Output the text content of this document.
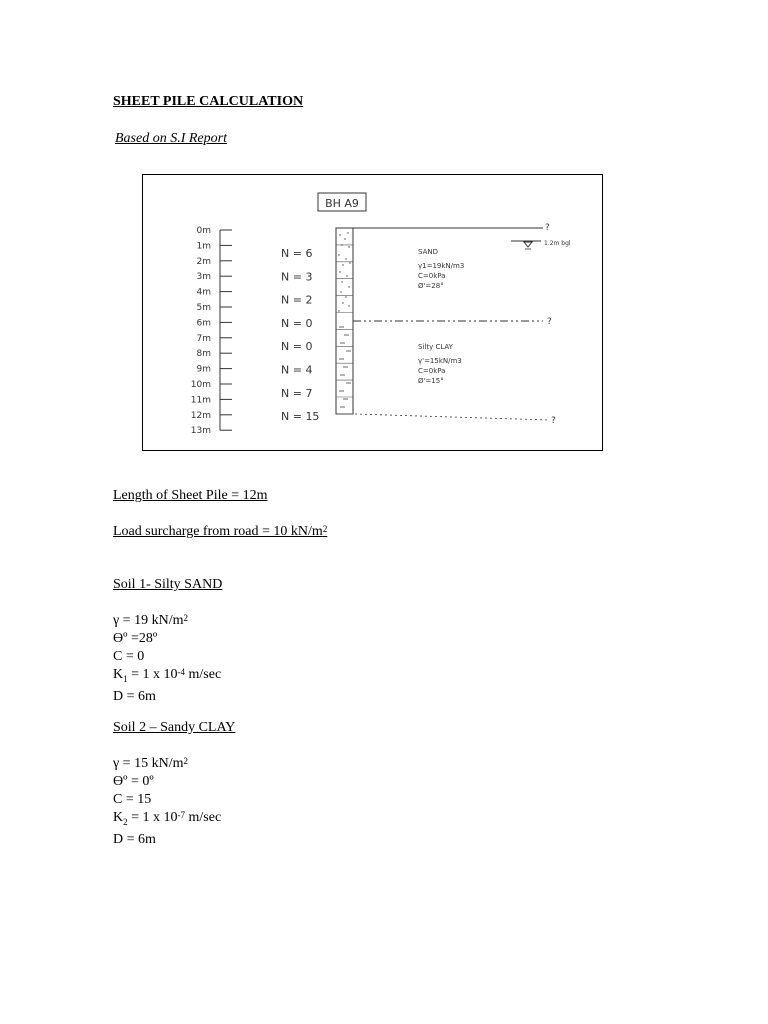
SHEET PILE CALCULATION
Based on S.I Report
BH A9
0m
1m
2m
3m
4m
5m
6m
7m
8m
9m
10m
11m
12m
13m
N = 6
N = 3
N = 2
N = 0
N = 0
N = 4
N = 7
N = 15
?
1.2m bgl
?
?
SAND
γ1=19kN/m3
C=0kPa
Ø'=28°
Silty CLAY
γ'=15kN/m3
C=0kPa
Ø'=15°
Length of Sheet Pile = 12m
Load surcharge from road = 10 $kN/m^2$
Soil 1- Silty SAND
γ = 19 $kN/m^2$
Ɵº =28º
C = 0
$K_1 = 1$ x $10^{-4}$ m/sec
D = 6m
Soil 2 – Sandy CLAY
γ = 15 $kN/m^2$
Ɵº = 0º
C = 15
$K_2 = 1$ x $10^{-7}$ m/sec
D = 6m
